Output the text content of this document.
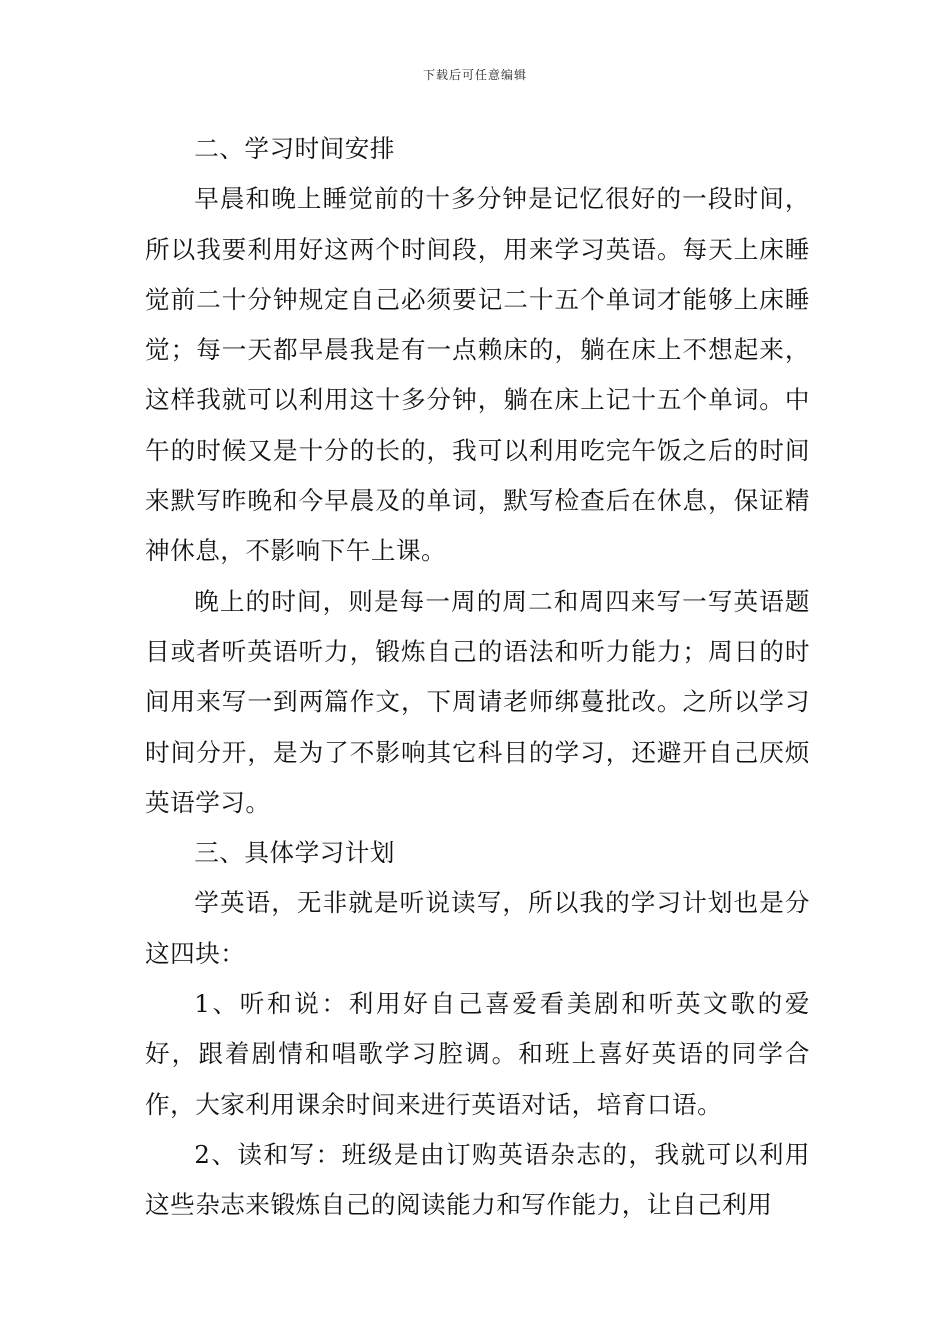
下载后可任意编辑

二、学习时间安排

早晨和晚上睡觉前的十多分钟是记忆很好的一段时间，所以我要利用好这两个时间段，用来学习英语。每天上床睡觉前二十分钟规定自己必须要记二十五个单词才能够上床睡觉；每一天都早晨我是有一点赖床的，躺在床上不想起来，这样我就可以利用这十多分钟，躺在床上记十五个单词。中午的时候又是十分的长的，我可以利用吃完午饭之后的时间来默写昨晚和今早晨及的单词，默写检查后在休息，保证精神休息，不影响下午上课。

晚上的时间，则是每一周的周二和周四来写一写英语题目或者听英语听力，锻炼自己的语法和听力能力；周日的时间用来写一到两篇作文，下周请老师绑蔓批改。之所以学习时间分开，是为了不影响其它科目的学习，还避开自己厌烦英语学习。

三、具体学习计划

学英语，无非就是听说读写，所以我的学习计划也是分这四块：

1、听和说：利用好自己喜爱看美剧和听英文歌的爱好，跟着剧情和唱歌学习腔调。和班上喜好英语的同学合作，大家利用课余时间来进行英语对话，培育口语。

2、读和写：班级是由订购英语杂志的，我就可以利用这些杂志来锻炼自己的阅读能力和写作能力，让自己利用
